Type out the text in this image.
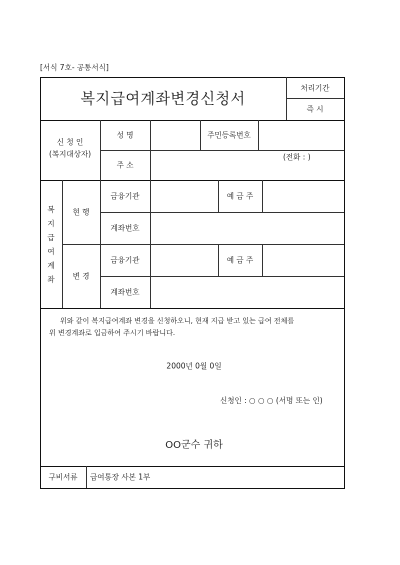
[서식 7호- 공통서식]
복지급여계좌변경신청서
처리기간
즉 시
신 청 인
(복지대상자)
성 명	주민등록번호
주 소
(전화 : )
복지급여계좌
현 행
변 경
금융기관	예 금 주
계좌번호
금융기관	예 금 주
계좌번호
위와 같이 복지급여계좌 변경을 신청하오니, 현재 지급 받고 있는 급여 전체를
위 변경계좌로 입금하여 주시기 바랍니다.
2000년 0월 0일
신청인 : ○ ○ ○ (서명 또는 인)
OO군수 귀하
구비서류 급여통장 사본 1부
